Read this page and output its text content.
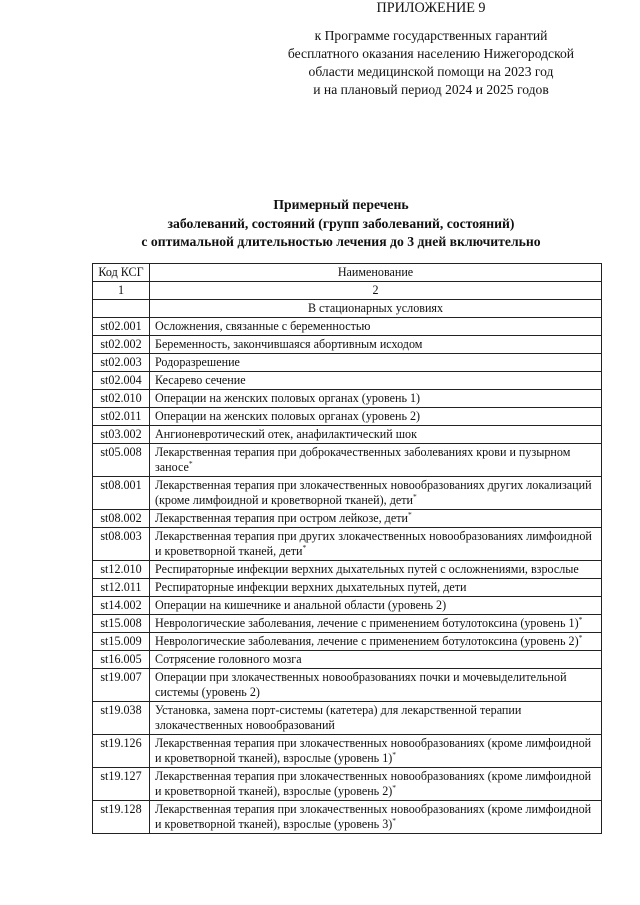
ПРИЛОЖЕНИЕ 9
к Программе государственных гарантий
бесплатного оказания населению Нижегородской
области медицинской помощи на 2023 год
и на плановый период 2024 и 2025 годов
Примерный перечень
заболеваний, состояний (групп заболеваний, состояний)
с оптимальной длительностью лечения до 3 дней включительно
Код КСГ	Наименование
1	2
	В стационарных условиях
st02.001	Осложнения, связанные с беременностью
st02.002	Беременность, закончившаяся абортивным исходом
st02.003	Родоразрешение
st02.004	Кесарево сечение
st02.010	Операции на женских половых органах (уровень 1)
st02.011	Операции на женских половых органах (уровень 2)
st03.002	Ангионевротический отек, анафилактический шок
st05.008	Лекарственная терапия при доброкачественных заболеваниях крови и пузырном заносе*
st08.001	Лекарственная терапия при злокачественных новообразованиях других локализаций (кроме лимфоидной и кроветворной тканей), дети*
st08.002	Лекарственная терапия при остром лейкозе, дети*
st08.003	Лекарственная терапия при других злокачественных новообразованиях лимфоидной и кроветворной тканей, дети*
st12.010	Респираторные инфекции верхних дыхательных путей с осложнениями, взрослые
st12.011	Респираторные инфекции верхних дыхательных путей, дети
st14.002	Операции на кишечнике и анальной области (уровень 2)
st15.008	Неврологические заболевания, лечение с применением ботулотоксина (уровень 1)*
st15.009	Неврологические заболевания, лечение с применением ботулотоксина (уровень 2)*
st16.005	Сотрясение головного мозга
st19.007	Операции при злокачественных новообразованиях почки и мочевыделительной системы (уровень 2)
st19.038	Установка, замена порт-системы (катетера) для лекарственной терапии злокачественных новообразований
st19.126	Лекарственная терапия при злокачественных новообразованиях (кроме лимфоидной и кроветворной тканей), взрослые (уровень 1)*
st19.127	Лекарственная терапия при злокачественных новообразованиях (кроме лимфоидной и кроветворной тканей), взрослые (уровень 2)*
st19.128	Лекарственная терапия при злокачественных новообразованиях (кроме лимфоидной и кроветворной тканей), взрослые (уровень 3)*
